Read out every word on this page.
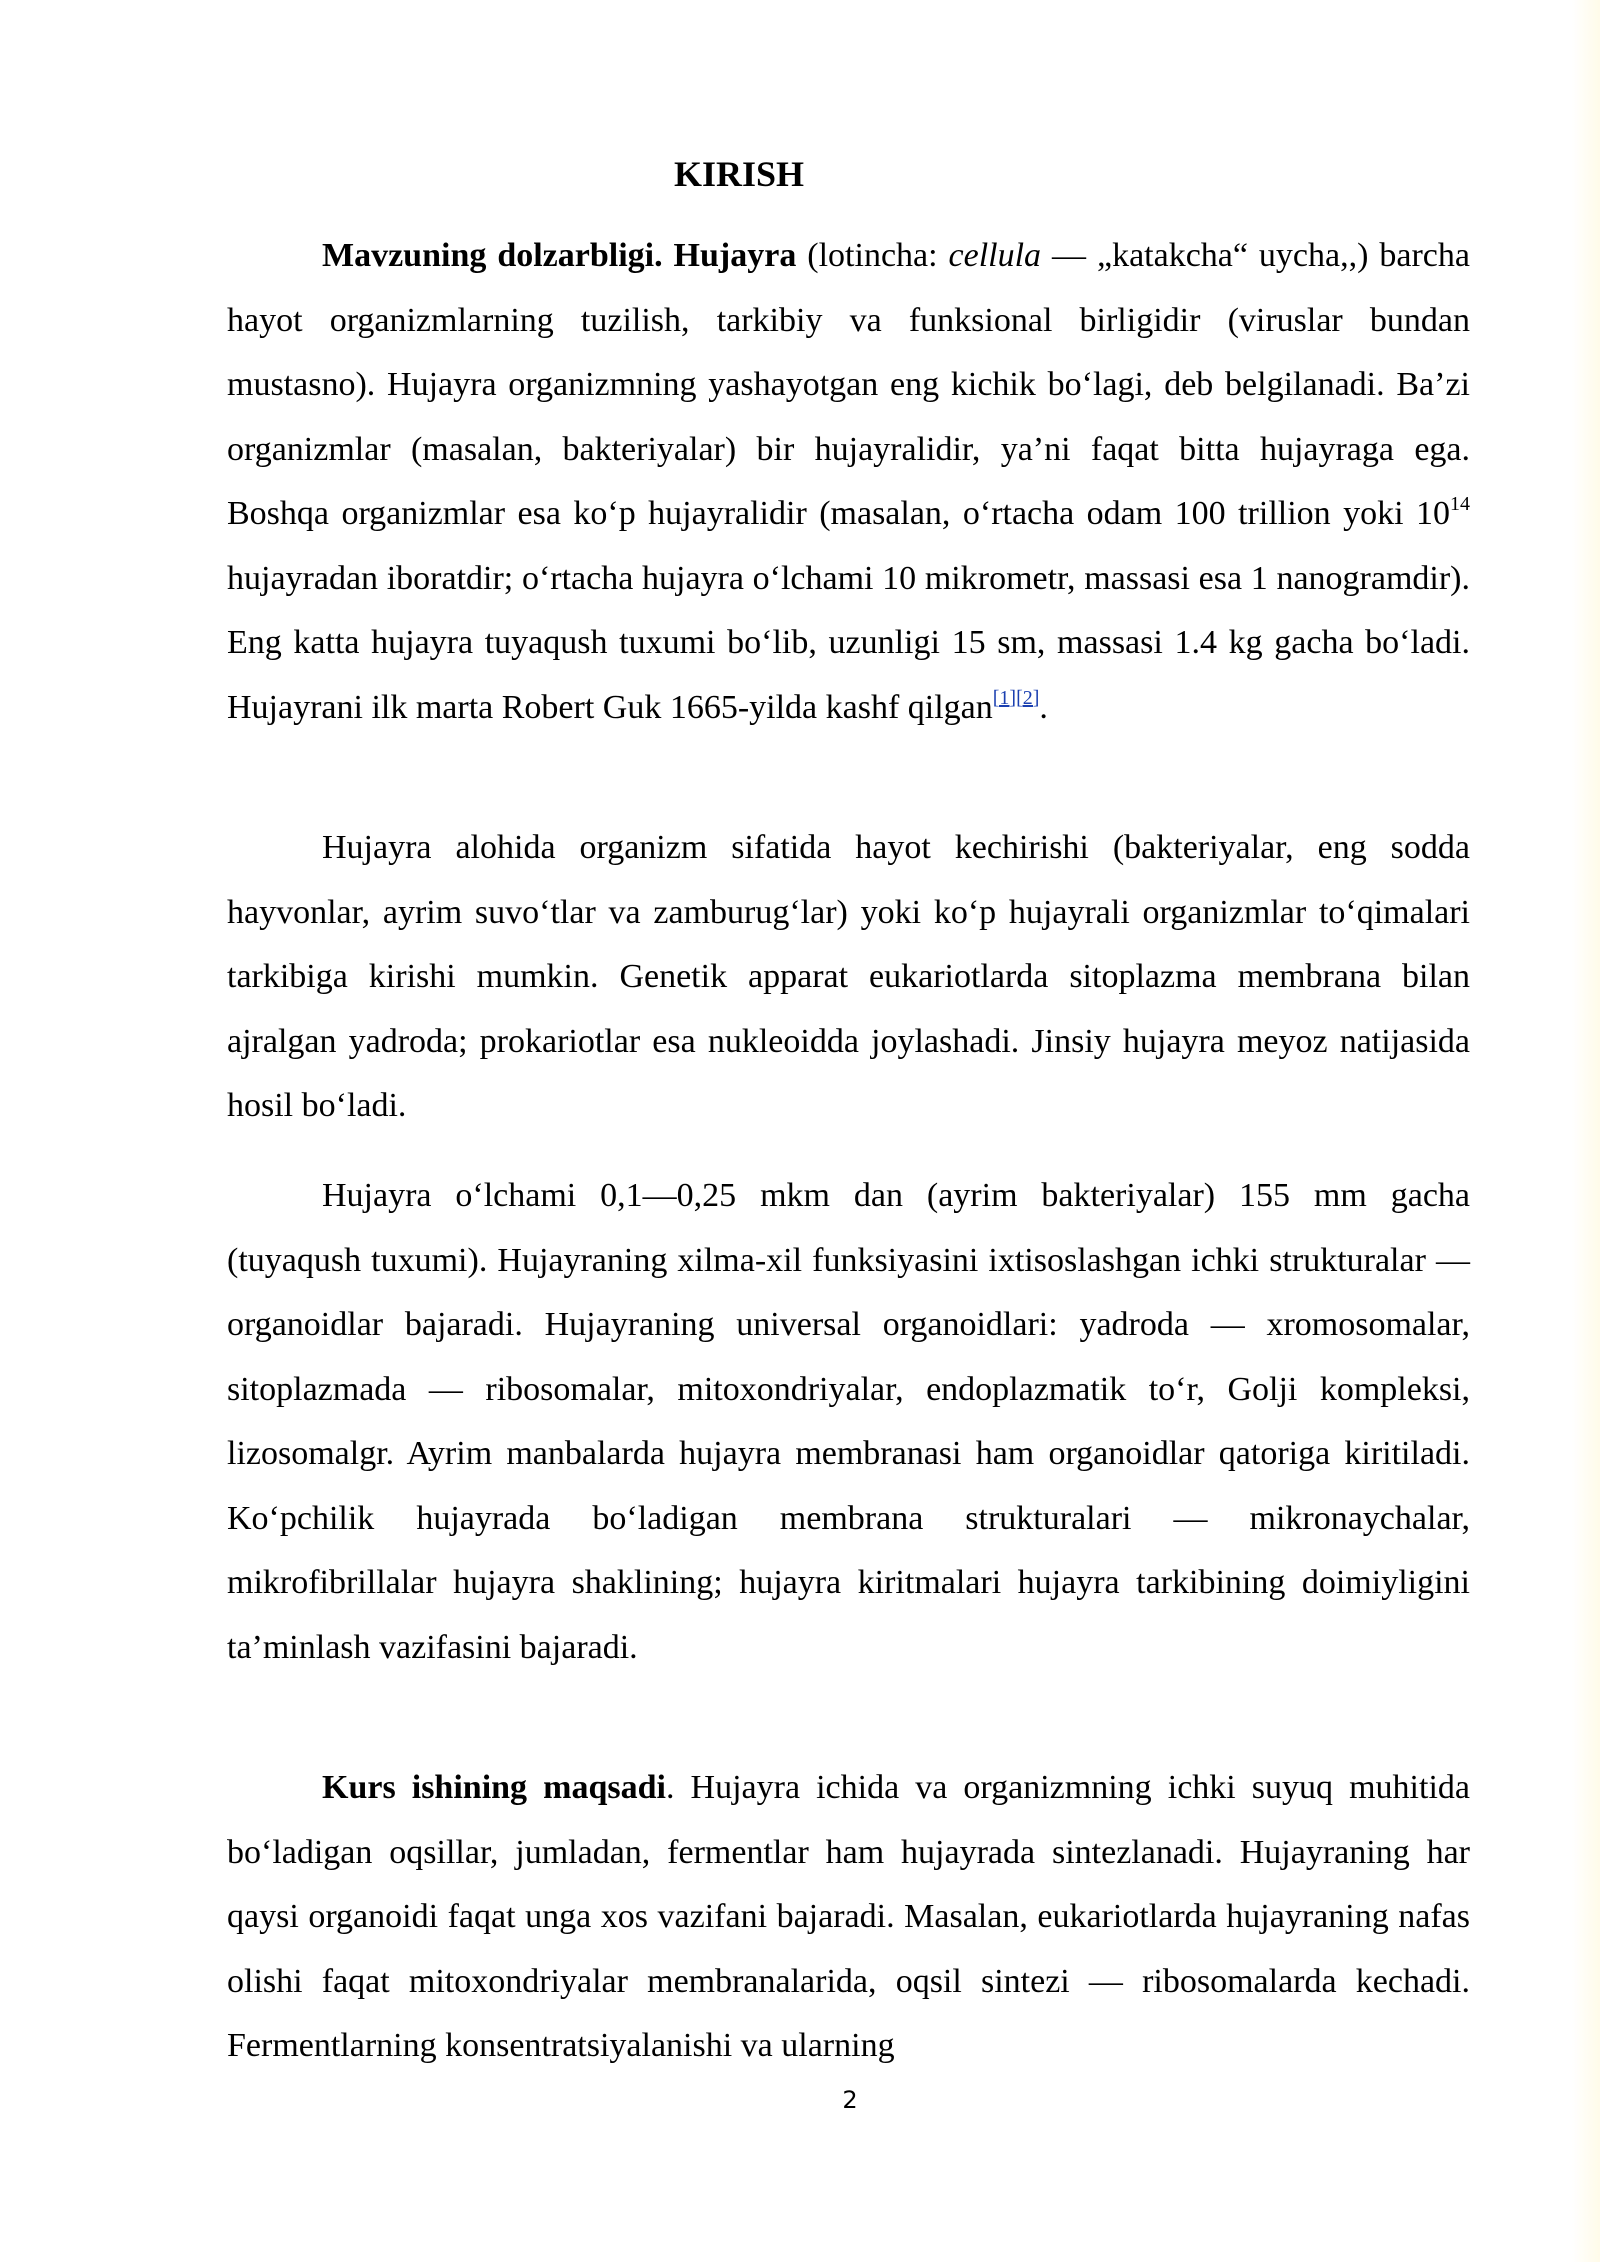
KIRISH

Mavzuning dolzarbligi. Hujayra (lotincha: cellula — „katakcha“ uycha,,) barcha hayot organizmlarning tuzilish, tarkibiy va funksional birligidir (viruslar bundan mustasno). Hujayra organizmning yashayotgan eng kichik bo‘lagi, deb belgilanadi. Ba’zi organizmlar (masalan, bakteriyalar) bir hujayralidir, ya’ni faqat bitta hujayraga ega. Boshqa organizmlar esa ko‘p hujayralidir (masalan, o‘rtacha odam 100 trillion yoki $10^{14}$ hujayradan iboratdir; o‘rtacha hujayra o‘lchami 10 mikrometr, massasi esa 1 nanogramdir). Eng katta hujayra tuyaqush tuxumi bo‘lib, uzunligi 15 sm, massasi 1.4 kg gacha bo‘ladi. Hujayrani ilk marta Robert Guk 1665-yilda kashf qilgan[1][2].

Hujayra alohida organizm sifatida hayot kechirishi (bakteriyalar, eng sodda hayvonlar, ayrim suvo‘tlar va zamburug‘lar) yoki ko‘p hujayrali organizmlar to‘qimalari tarkibiga kirishi mumkin. Genetik apparat eukariotlarda sitoplazma membrana bilan ajralgan yadroda; prokariotlar esa nukleoidda joylashadi. Jinsiy hujayra meyoz natijasida hosil bo‘ladi.

Hujayra o‘lchami 0,1—0,25 mkm dan (ayrim bakteriyalar) 155 mm gacha (tuyaqush tuxumi). Hujayraning xilma-xil funksiyasini ixtisoslashgan ichki strukturalar — organoidlar bajaradi. Hujayraning universal organoidlari: yadroda — xromosomalar, sitoplazmada — ribosomalar, mitoxondriyalar, endoplazmatik to‘r, Golji kompleksi, lizosomalgr. Ayrim manbalarda hujayra membranasi ham organoidlar qatoriga kiritiladi. Ko‘pchilik hujayrada bo‘ladigan membrana strukturalari — mikronaychalar, mikrofibrillalar hujayra shaklining; hujayra kiritmalari hujayra tarkibining doimiyligini ta’minlash vazifasini bajaradi.

Kurs ishining maqsadi. Hujayra ichida va organizmning ichki suyuq muhitida bo‘ladigan oqsillar, jumladan, fermentlar ham hujayrada sintezlanadi. Hujayraning har qaysi organoidi faqat unga xos vazifani bajaradi. Masalan, eukariotlarda hujayraning nafas olishi faqat mitoxondriyalar membranalarida, oqsil sintezi — ribosomalarda kechadi. Fermentlarning konsentratsiyalanishi va ularning

2
